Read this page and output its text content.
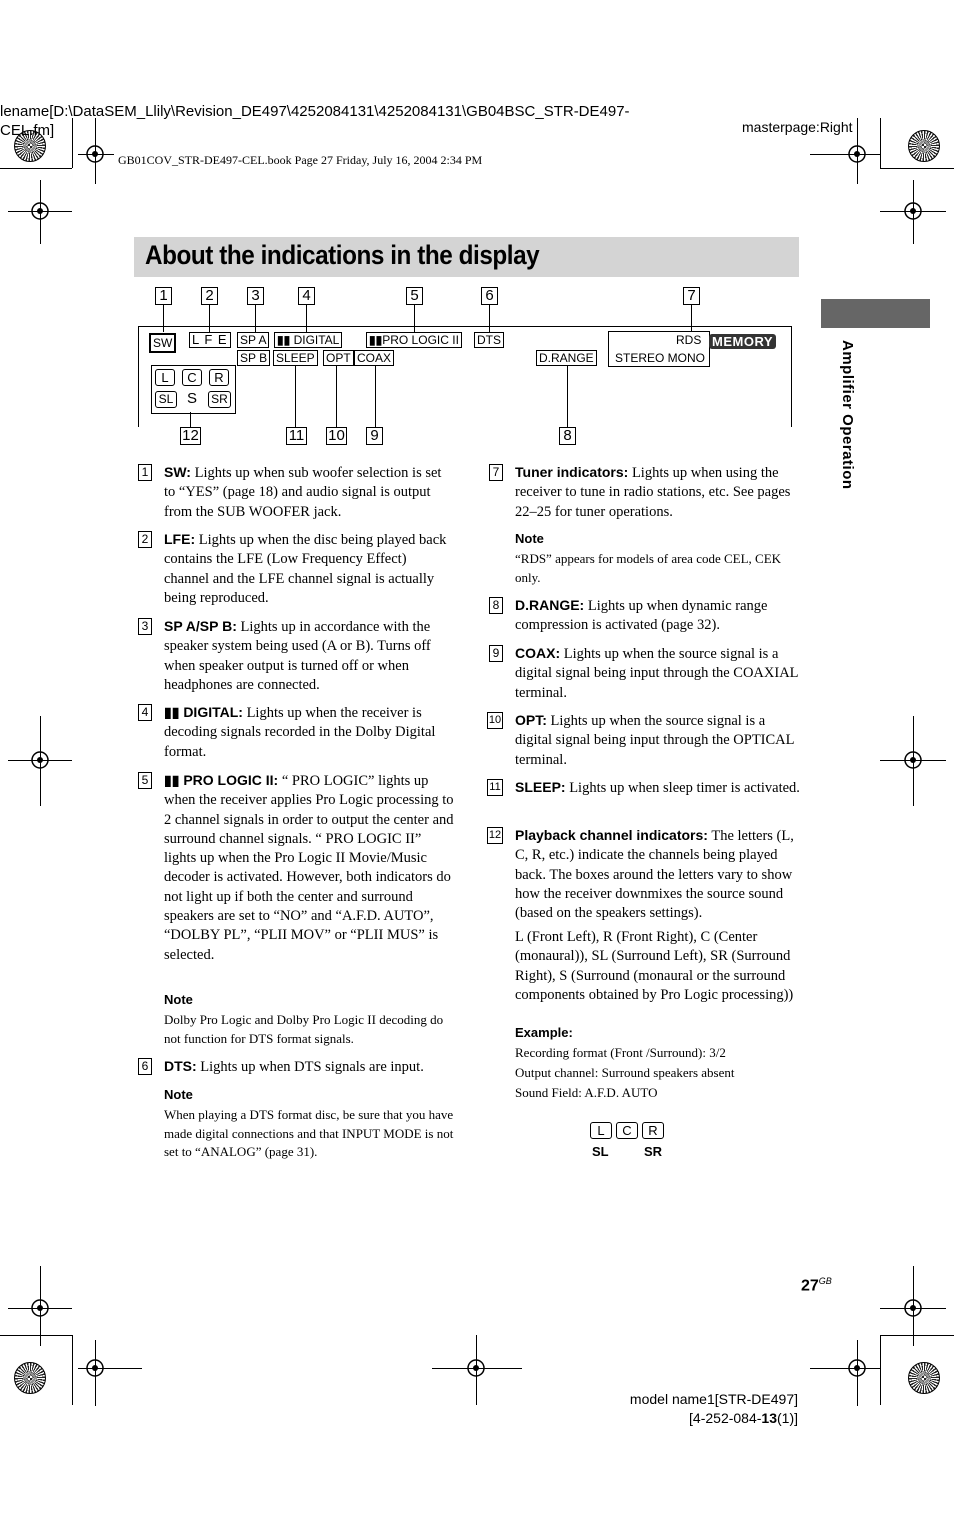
lename[D:\DataSEM_Llily\Revision_DE497\4252084131\4252084131\GB04BSC_STR-DE497-
CEL.fm]	masterpage:Right
GB01COV_STR-DE497-CEL.book Page 27 Friday, July 16, 2004 2:34 PM
About the indications in the display
Amplifier Operation
1	2	3	4	5	6	7
SW	L F E SP A
SP B
▮▮ DIGITAL ▮▮PRO LOGIC II DTS
SLEEP OPT COAX	D.RANGE
RDS MEMORY
STEREO MONO
L	C	R
SL S SR
12	11 10 9	8
1 SW: Lights up when sub woofer selection is set to “YES” (page 18) and audio signal is output from the SUB WOOFER jack.
2 LFE: Lights up when the disc being played back contains the LFE (Low Frequency Effect) channel and the LFE channel signal is actually being reproduced.
3 SP A/SP B: Lights up in accordance with the speaker system being used (A or B). Turns off when speaker output is turned off or when headphones are connected.
4 ▮▮ DIGITAL: Lights up when the receiver is decoding signals recorded in the Dolby Digital format.
5 ▮▮ PRO LOGIC II: “ PRO LOGIC” lights up when the receiver applies Pro Logic processing to 2 channel signals in order to output the center and surround channel signals. “ PRO LOGIC II” lights up when the Pro Logic II Movie/Music decoder is activated. However, both indicators do not light up if both the center and surround speakers are set to “NO” and “A.F.D. AUTO”, “DOLBY PL”, “PLII MOV” or “PLII MUS” is selected.
Note
Dolby Pro Logic and Dolby Pro Logic II decoding do not function for DTS format signals.
6 DTS: Lights up when DTS signals are input.
Note
When playing a DTS format disc, be sure that you have made digital connections and that INPUT MODE is not set to “ANALOG” (page 31).
7 Tuner indicators: Lights up when using the receiver to tune in radio stations, etc. See pages 22–25 for tuner operations.
Note
“RDS” appears for models of area code CEL, CEK only.
8 D.RANGE: Lights up when dynamic range compression is activated (page 32).
9 COAX: Lights up when the source signal is a digital signal being input through the COAXIAL terminal.
10 OPT: Lights up when the source signal is a digital signal being input through the OPTICAL terminal.
11 SLEEP: Lights up when sleep timer is activated.
12 Playback channel indicators: The letters (L, C, R, etc.) indicate the channels being played back. The boxes around the letters vary to show how the receiver downmixes the source sound (based on the speakers settings).
L (Front Left), R (Front Right), C (Center (monaural)), SL (Surround Left), SR (Surround Right), S (Surround (monaural or the surround components obtained by Pro Logic processing))
Example:
Recording format (Front /Surround): 3/2
Output channel: Surround speakers absent
Sound Field: A.F.D. AUTO
L	C	R
SL	SR
$27^{GB}$
model name1[STR-DE497]
[4-252-084-13(1)]
